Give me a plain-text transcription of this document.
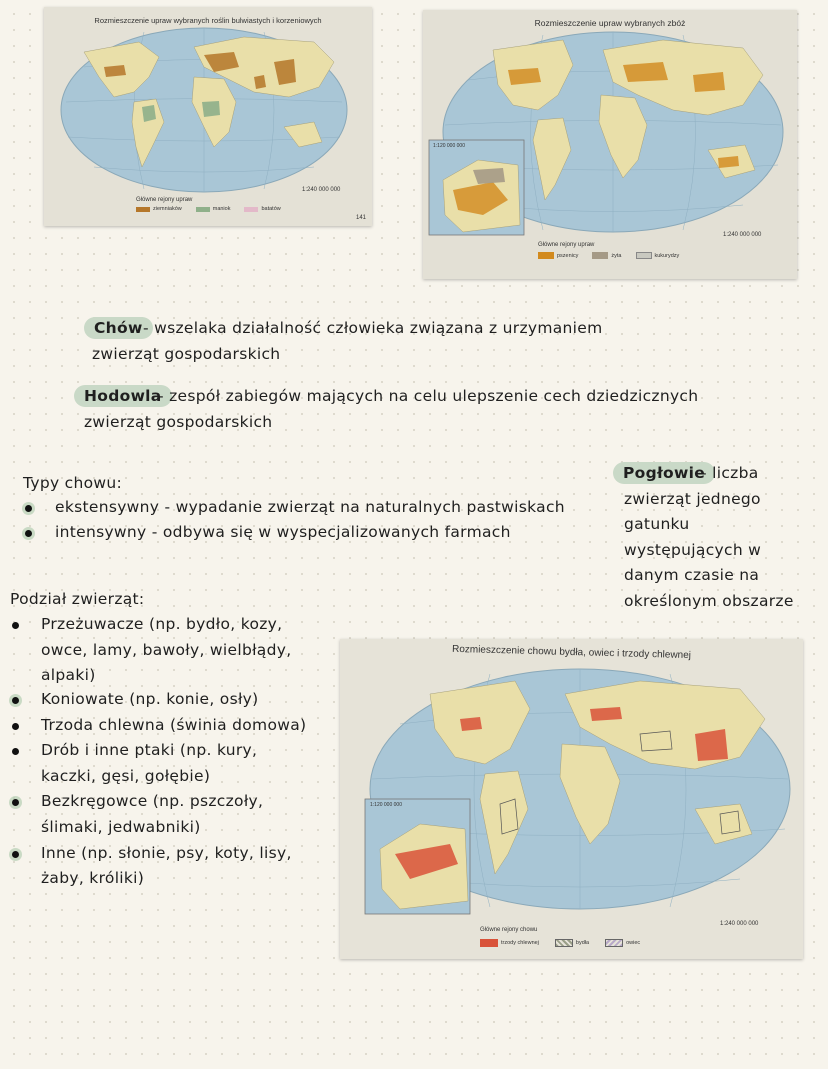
Rozmieszczenie upraw wybranych roślin bulwiastych i korzeniowych
Główne rejony upraw
ziemniaków	maniok	batatów
1:240 000 000
141
Rozmieszczenie upraw wybranych zbóż
1:120 000 000
Główne rejony upraw
pszenicy	żyta	kukurydzy
1:240 000 000
Chów - wszelaka działalność człowieka związana z urzymaniem
zwierząt gospodarskich
Hodowla
- zespół zabiegów mających na celu ulepszenie cech dziedzicznych
zwierząt gospodarskich
Typy chowu:
ekstensywny - wypadanie zwierząt na naturalnych pastwiskach
intensywny - odbywa się w wyspecjalizowanych farmach
Pogłowie
- liczba
zwierząt jednego
gatunku
występujących w
danym czasie na
określonym obszarze
Podział zwierząt:
Przeżuwacze (np. bydło, kozy,
owce, lamy, bawoły, wielbłądy,
alpaki)
Koniowate (np. konie, osły)
Trzoda chlewna (świnia domowa)
Drób i inne ptaki (np. kury,
kaczki, gęsi, gołębie)
Bezkręgowce (np. pszczoły,
ślimaki, jedwabniki)
Inne (np. słonie, psy, koty, lisy,
żaby, króliki)
Rozmieszczenie chowu bydła, owiec i trzody chlewnej
1:120 000 000
Główne rejony chowu
trzody chlewnej	bydła	owiec
1:240 000 000
